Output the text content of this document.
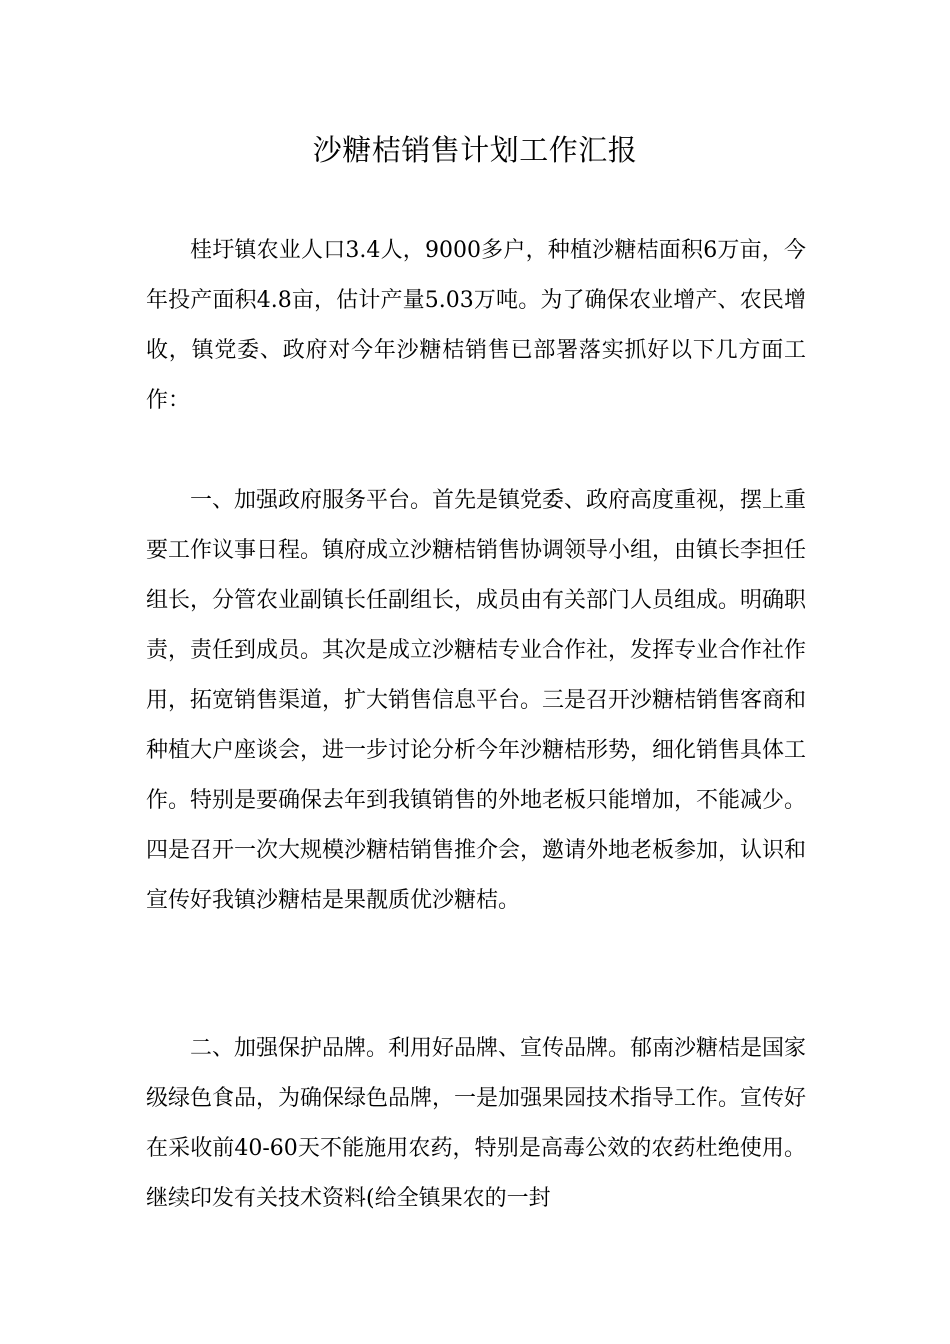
沙糖桔销售计划工作汇报

桂圩镇农业人口3.4人，9000多户，种植沙糖桔面积6万亩，今年投产面积4.8亩，估计产量5.03万吨。为了确保农业增产、农民增收，镇党委、政府对今年沙糖桔销售已部署落实抓好以下几方面工作：

一、加强政府服务平台。首先是镇党委、政府高度重视，摆上重要工作议事日程。镇府成立沙糖桔销售协调领导小组，由镇长李担任组长，分管农业副镇长任副组长，成员由有关部门人员组成。明确职责，责任到成员。其次是成立沙糖桔专业合作社，发挥专业合作社作用，拓宽销售渠道，扩大销售信息平台。三是召开沙糖桔销售客商和种植大户座谈会，进一步讨论分析今年沙糖桔形势，细化销售具体工作。特别是要确保去年到我镇销售的外地老板只能增加，不能减少。四是召开一次大规模沙糖桔销售推介会，邀请外地老板参加，认识和宣传好我镇沙糖桔是果靓质优沙糖桔。

二、加强保护品牌。利用好品牌、宣传品牌。郁南沙糖桔是国家级绿色食品，为确保绿色品牌，一是加强果园技术指导工作。宣传好在采收前40-60天不能施用农药，特别是高毒公效的农药杜绝使用。继续印发有关技术资料(给全镇果农的一封
